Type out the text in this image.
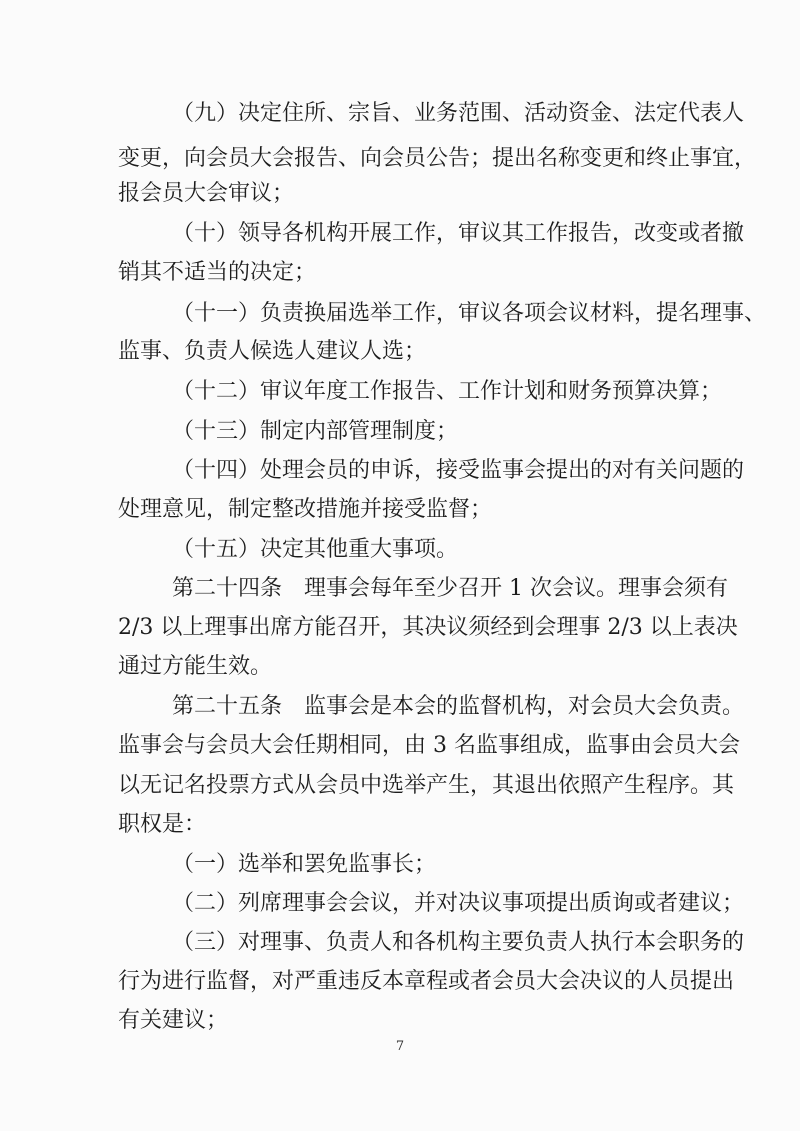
（九）决定住所、宗旨、业务范围、活动资金、法定代表人
变更，向会员大会报告、向会员公告；提出名称变更和终止事宜，
报会员大会审议；
（十）领导各机构开展工作，审议其工作报告，改变或者撤
销其不适当的决定；
（十一）负责换届选举工作，审议各项会议材料，提名理事、
监事、负责人候选人建议人选；
（十二）审议年度工作报告、工作计划和财务预算决算；
（十三）制定内部管理制度；
（十四）处理会员的申诉，接受监事会提出的对有关问题的
处理意见，制定整改措施并接受监督；
（十五）决定其他重大事项。
第二十四条　理事会每年至少召开 1 次会议。理事会须有
2/3 以上理事出席方能召开，其决议须经到会理事 2/3 以上表决
通过方能生效。
第二十五条　监事会是本会的监督机构，对会员大会负责。
监事会与会员大会任期相同，由 3 名监事组成，监事由会员大会
以无记名投票方式从会员中选举产生，其退出依照产生程序。其
职权是：
（一）选举和罢免监事长；
（二）列席理事会会议，并对决议事项提出质询或者建议；
（三）对理事、负责人和各机构主要负责人执行本会职务的
行为进行监督，对严重违反本章程或者会员大会决议的人员提出
有关建议；
7
